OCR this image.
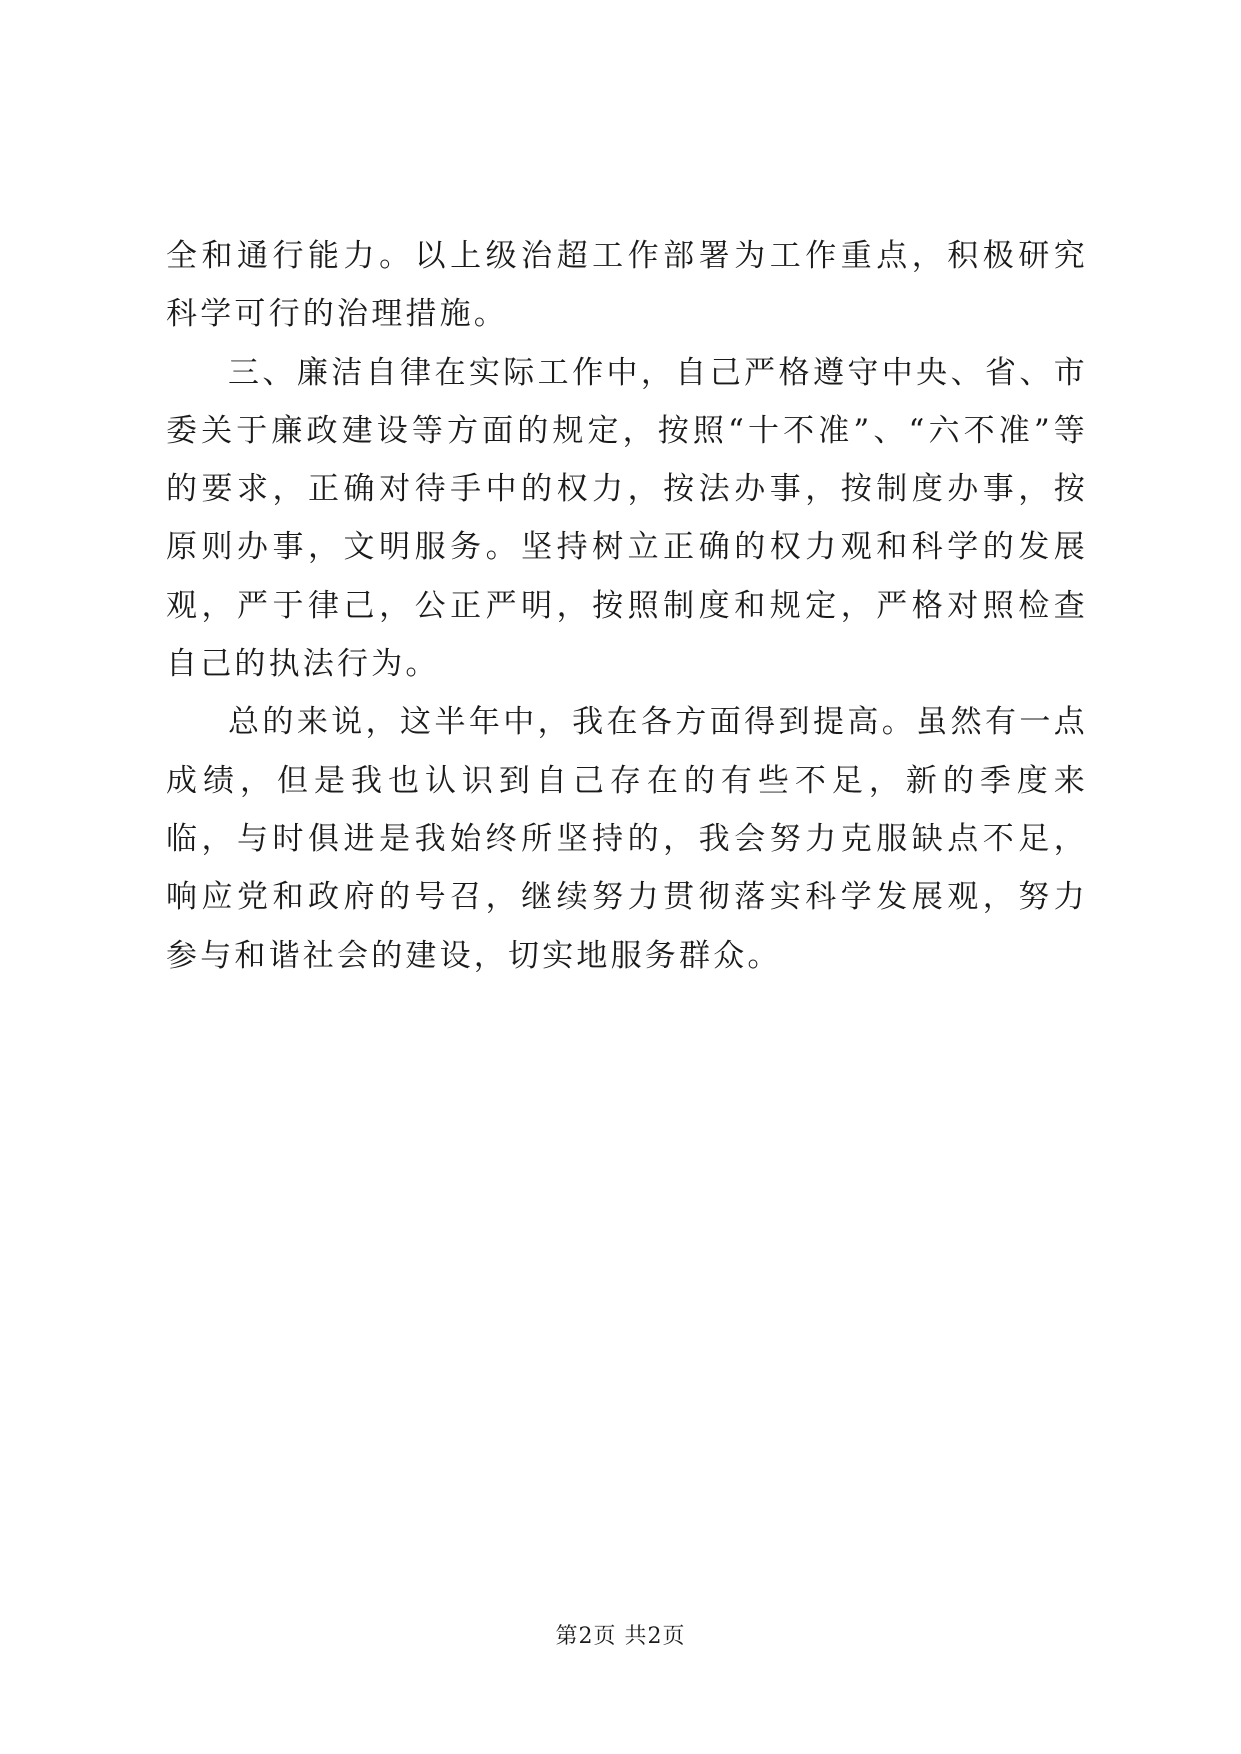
全和通行能力。以上级治超工作部署为工作重点，积极研究科学可行的治理措施。

三、廉洁自律在实际工作中，自己严格遵守中央、省、市委关于廉政建设等方面的规定，按照“十不准”、“六不准”等的要求，正确对待手中的权力，按法办事，按制度办事，按原则办事，文明服务。坚持树立正确的权力观和科学的发展观，严于律己，公正严明，按照制度和规定，严格对照检查自己的执法行为。

总的来说，这半年中，我在各方面得到提高。虽然有一点成绩，但是我也认识到自己存在的有些不足，新的季度来临，与时俱进是我始终所坚持的，我会努力克服缺点不足，响应党和政府的号召，继续努力贯彻落实科学发展观，努力参与和谐社会的建设，切实地服务群众。

第2页 共2页
